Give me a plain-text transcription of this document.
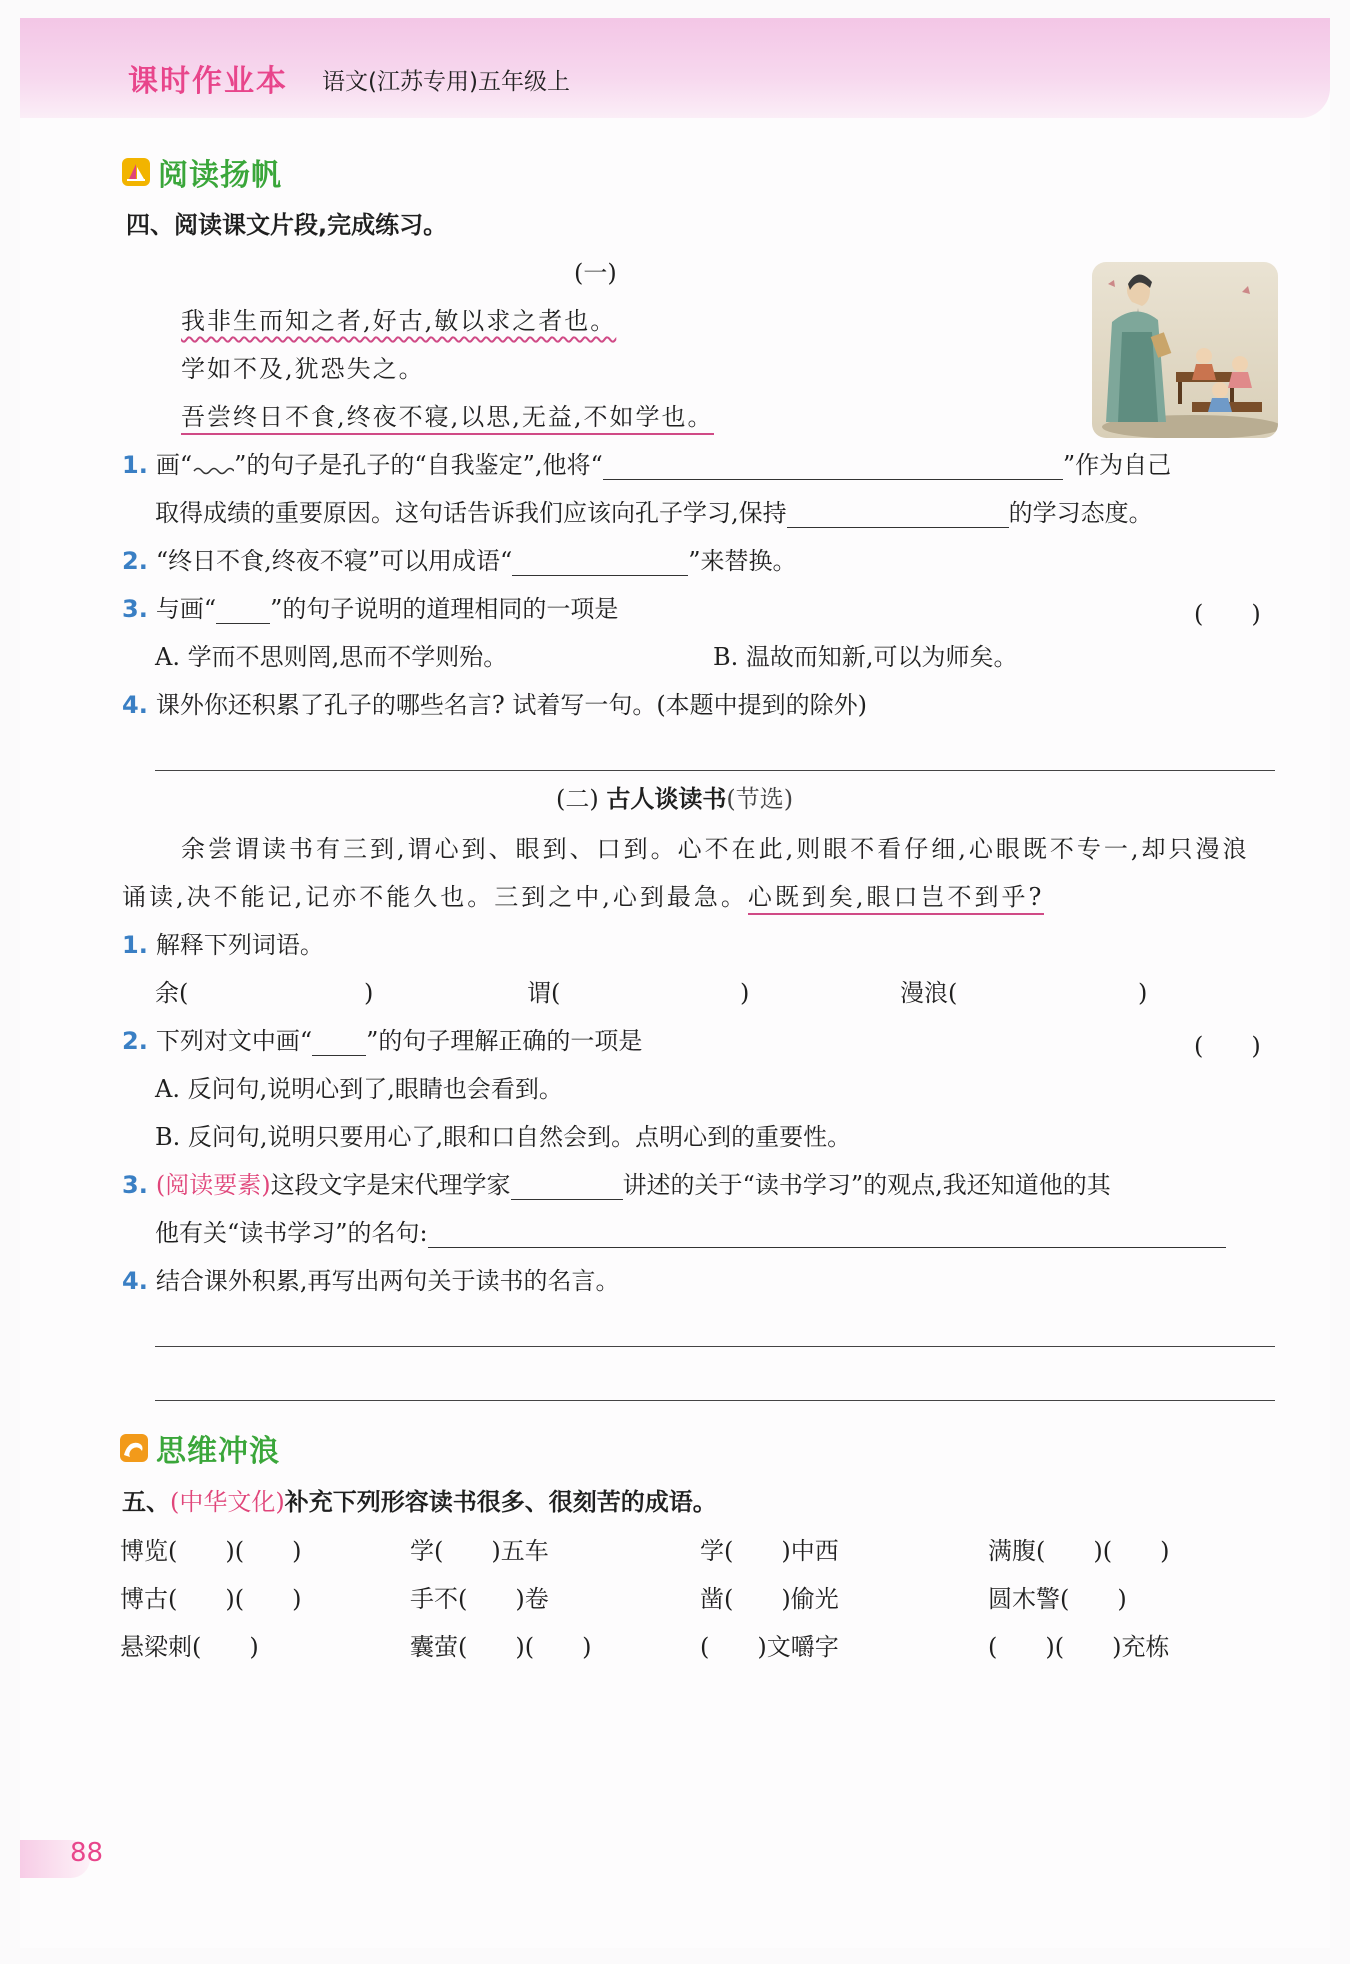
课时作业本 语文(江苏专用)五年级上
阅读扬帆
四、阅读课文片段,完成练习。
(一)
我非生而知之者,好古,敏以求之者也。
学如不及,犹恐失之。
吾尝终日不食,终夜不寝,以思,无益,不如学也。
1. 画“ ”的句子是孔子的“自我鉴定”,他将“	”作为自己
取得成绩的重要原因。这句话告诉我们应该向孔子学习,保持	的学习态度。
2. “终日不食,终夜不寝”可以用成语“	”来替换。
3. 与画“ ”的句子说明的道理相同的一项是	(　　)
A. 学而不思则罔,思而不学则殆。	B. 温故而知新,可以为师矣。
4. 课外你还积累了孔子的哪些名言? 试着写一句。(本题中提到的除外)
(二) 古人谈读书(节选)
余尝谓读书有三到,谓心到、眼到、口到。心不在此,则眼不看仔细,心眼既不专一,却只漫浪
诵读,决不能记,记亦不能久也。三到之中,心到最急。心既到矣,眼口岂不到乎?
1. 解释下列词语。
余(	)	谓(	)	漫浪(	)
2. 下列对文中画“ ”的句子理解正确的一项是	(　　)
A. 反问句,说明心到了,眼睛也会看到。
B. 反问句,说明只要用心了,眼和口自然会到。点明心到的重要性。
3. (阅读要素)这段文字是宋代理学家	讲述的关于“读书学习”的观点,我还知道他的其
他有关“读书学习”的名句:
4. 结合课外积累,再写出两句关于读书的名言。
思维冲浪
五、(中华文化)补充下列形容读书很多、很刻苦的成语。
博览(　　)(　　)	学(　　)五车	学(　　)中西	满腹(　　)(　　)
博古(　　)(　　)	手不(　　)卷	凿(　　)偷光	圆木警(　　)
悬梁刺(　　)	囊萤(　　)(　　)	(　　)文嚼字	(　　)(　　)充栋
88
